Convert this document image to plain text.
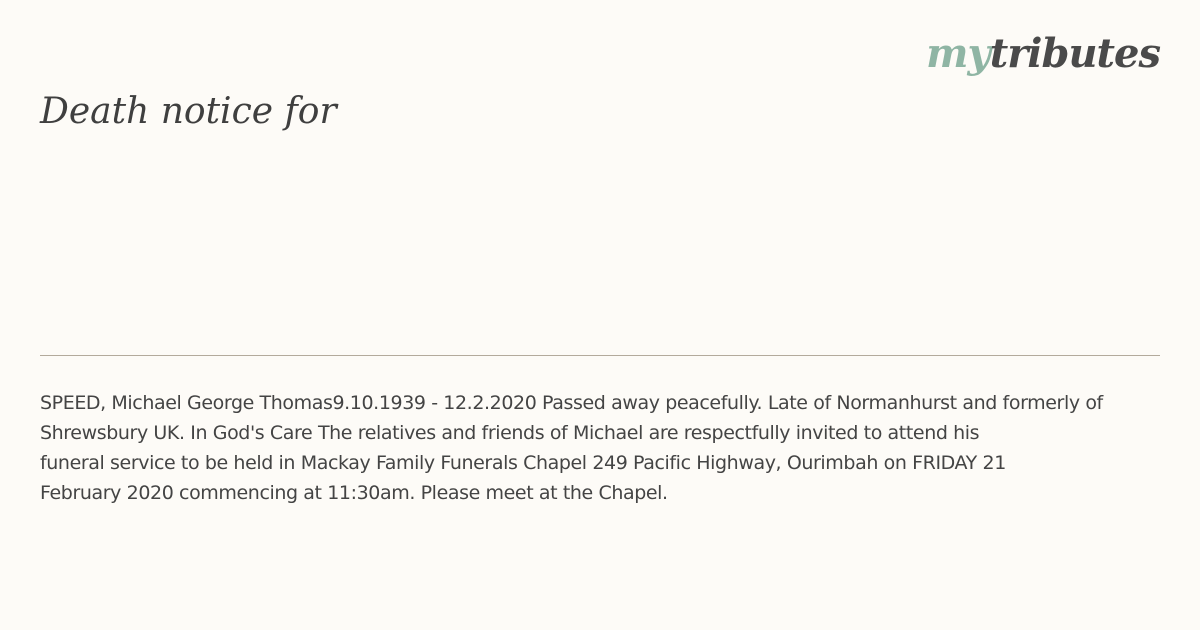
mytributes
Death notice for

SPEED, Michael George Thomas9.10.1939 - 12.2.2020 Passed away peacefully. Late of Normanhurst and formerly of
Shrewsbury UK. In God's Care The relatives and friends of Michael are respectfully invited to attend his
funeral service to be held in Mackay Family Funerals Chapel 249 Pacific Highway, Ourimbah on FRIDAY 21
February 2020 commencing at 11:30am. Please meet at the Chapel.
